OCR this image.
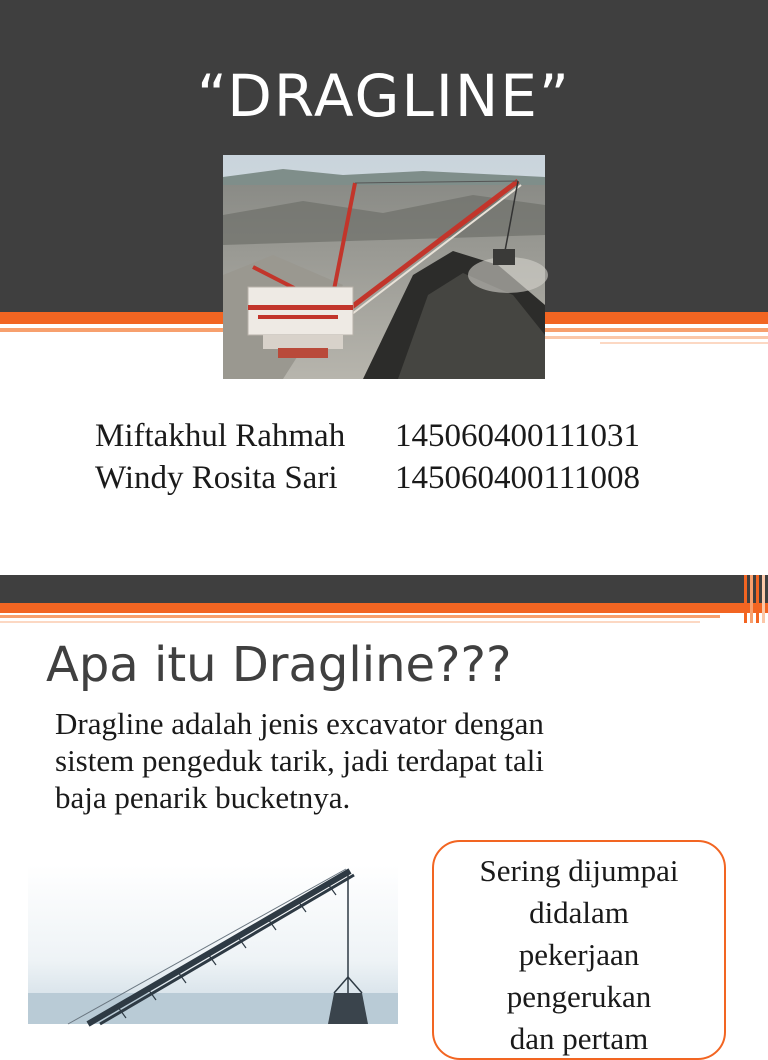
“DRAGLINE”
Miftakhul Rahmah 145060400111031
Windy Rosita Sari 145060400111008
Apa itu Dragline???
Dragline adalah jenis excavator dengan
sistem pengeduk tarik, jadi terdapat tali
baja penarik bucketnya.
Sering dijumpai
didalam
pekerjaan
pengerukan
dan pertam
